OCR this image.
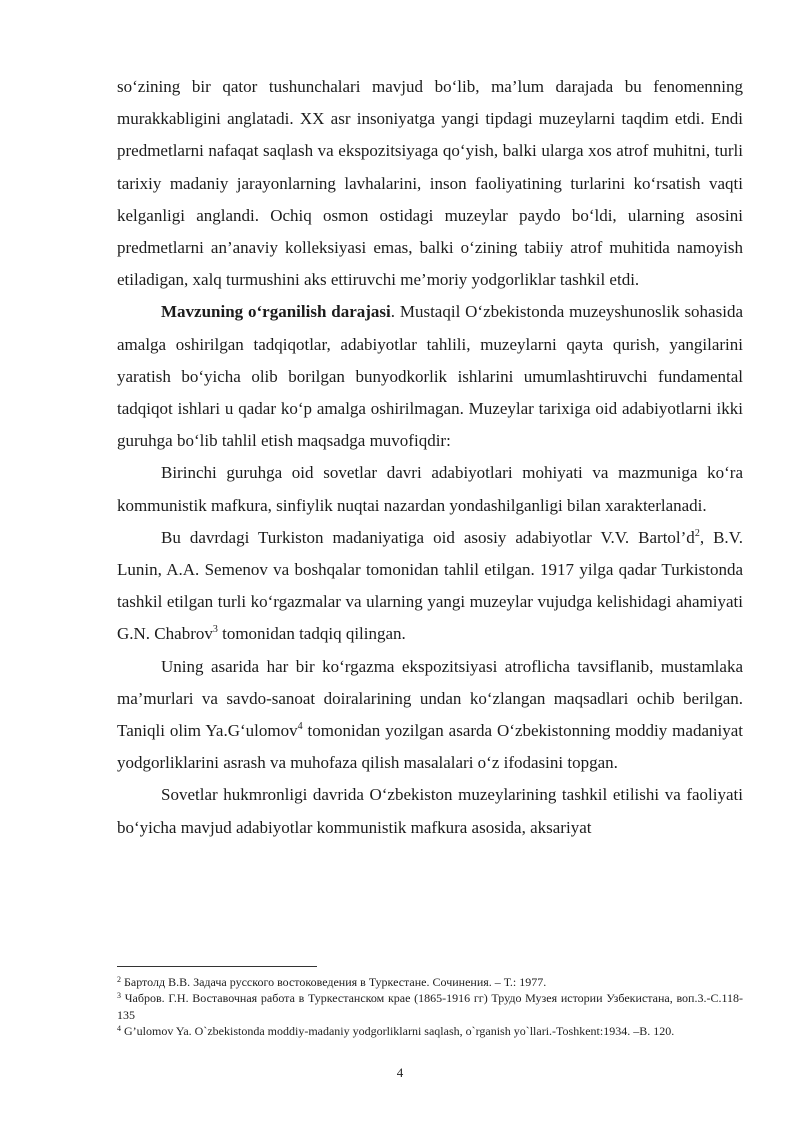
so‘zining bir qator tushunchalari mavjud bo‘lib, ma’lum darajada bu fenomenning murakkabligini anglatadi. XX asr insoniyatga yangi tipdagi muzeylarni taqdim etdi. Endi predmetlarni nafaqat saqlash va ekspozitsiyaga qo‘yish, balki ularga xos atrof muhitni, turli tarixiy madaniy jarayonlarning lavhalarini, inson faoliyatining turlarini ko‘rsatish vaqti kelganligi anglandi. Ochiq osmon ostidagi muzeylar paydo bo‘ldi, ularning asosini predmetlarni an’anaviy kolleksiyasi emas, balki o‘zining tabiiy atrof muhitida namoyish etiladigan, xalq turmushini aks ettiruvchi me’moriy yodgorliklar tashkil etdi.

Mavzuning o‘rganilish darajasi. Mustaqil O‘zbekistonda muzeyshunoslik sohasida amalga oshirilgan tadqiqotlar, adabiyotlar tahlili, muzeylarni qayta qurish, yangilarini yaratish bo‘yicha olib borilgan bunyodkorlik ishlarini umumlashtiruvchi fundamental tadqiqot ishlari u qadar ko‘p amalga oshirilmagan. Muzeylar tarixiga oid adabiyotlarni ikki guruhga bo‘lib tahlil etish maqsadga muvofiqdir:

Birinchi guruhga oid sovetlar davri adabiyotlari mohiyati va mazmuniga ko‘ra kommunistik mafkura, sinfiylik nuqtai nazardan yondashilganligi bilan xarakterlanadi.

Bu davrdagi Turkiston madaniyatiga oid asosiy adabiyotlar V.V. $Bartol’d^2$, B.V. Lunin, A.A. Semenov va boshqalar tomonidan tahlil etilgan. 1917 yilga qadar Turkistonda tashkil etilgan turli ko‘rgazmalar va ularning yangi muzeylar vujudga kelishidagi ahamiyati G.N. Chabrov$^3$ tomonidan tadqiq qilingan.

Uning asarida har bir ko‘rgazma ekspozitsiyasi atroflicha tavsiflanib, mustamlaka ma’murlari va savdo-sanoat doiralarining undan ko‘zlangan maqsadlari ochib berilgan. Taniqli olim Ya.G‘ulomov$^4$ tomonidan yozilgan asarda O‘zbekistonning moddiy madaniyat yodgorliklarini asrash va muhofaza qilish masalalari o‘z ifodasini topgan.

Sovetlar hukmronligi davrida O‘zbekiston muzeylarining tashkil etilishi va faoliyati bo‘yicha mavjud adabiyotlar kommunistik mafkura asosida, aksariyat

$^2$ Бартолд В.В. Задача русского востоковедения в Туркестане. Сочинения. – Т.: 1977.

$^3$ Чабров. Г.Н. Воставочная работа в Туркестанском крае (1865-1916 гг) Трудо Музея истории Узбекистана, воп.3.-С.118-135

$^4$ G’ulomov Ya. O`zbekistonda moddiy-madaniy yodgorliklarni saqlash, o`rganish yo`llari.-Toshkent:1934. –B. 120.

4
